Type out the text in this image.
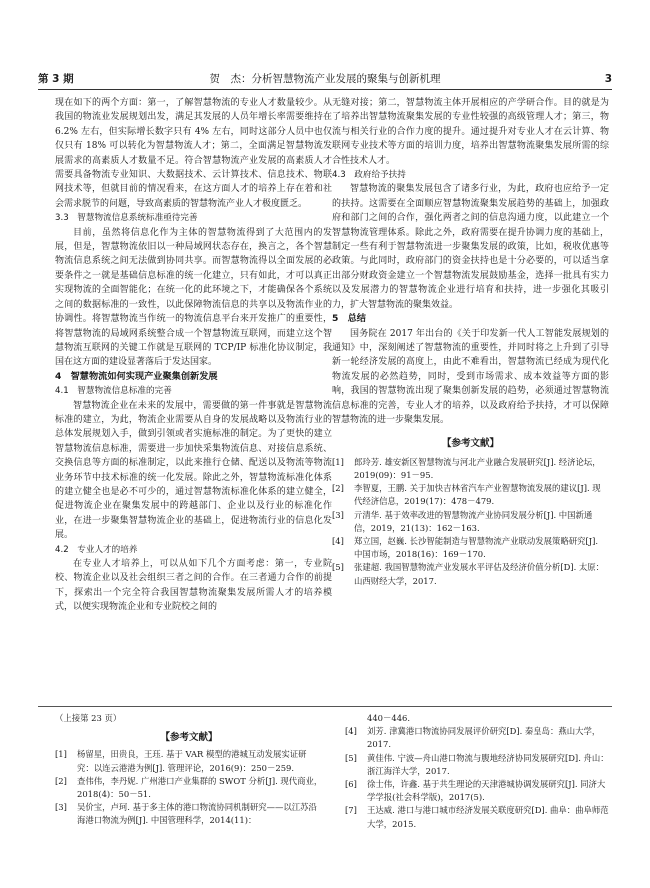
第 3 期	贺　杰：分析智慧物流产业发展的聚集与创新机理	3

现在如下的两个方面：第一，了解智慧物流的专业人才数量较少。从我国的物流业发展规划出发，满足其发展的人员年增长率需要维持在 6.2% 左右，但实际增长数字只有 4% 左右，同时这部分人员中也仅仅只有 18% 可以转化为智慧物流人才；第二，全面满足智慧物流发展需求的高素质人才数量不足。符合智慧物流产业发展的高素质人才需要具备物流专业知识、大数据技术、云计算技术、信息技术、物联网技术等，但就目前的情况看来，在这方面人才的培养上存在着和社会需求脱节的问题，导致高素质的智慧物流产业人才极度匮乏。

3.3　智慧物流信息系统标准亟待完善

目前，虽然将信息化作为主体的智慧物流得到了大范围内的发展，但是，智慧物流依旧以一种局域网状态存在，换言之，各个智慧物流信息系统之间无法做到协同共享。而智慧物流得以全面发展的必要条件之一就是基础信息标准的统一化建立，只有如此，才可以真正实现物流的全面智能化；在统一化的此环境之下，才能确保各个系统之间的数据标准的一致性，以此保障物流信息的共享以及物流作业的协调性。将智慧物流当作统一的物流信息平台来开发推广的重要性，将智慧物流的局域网系统整合成一个智慧物流互联网，而建立这个智慧物流互联网的关键工作就是互联网的 TCP/IP 标准化协议制定，我国在这方面的建设显著落后于发达国家。

4　智慧物流如何实现产业聚集创新发展
4.1　智慧物流信息标准的完善

智慧物流企业在未来的发展中，需要做的第一件事就是智慧物流标准的建立，为此，物流企业需要从自身的发展战略以及物流行业的总体发展规划入手，做到引领或者实施标准的制定。为了更快的建立智慧物流信息标准，需要进一步加快采集物流信息、对接信息系统、交换信息等方面的标准制定，以此来推行仓储、配送以及物流等物流业务环节中技术标准的统一化发展。除此之外，智慧物流标准化体系的建立健全也是必不可少的，通过智慧物流标准化体系的建立健全，促进物流企业在聚集发展中的跨越部门、企业以及行业的标准化作业，在进一步聚集智慧物流企业的基础上，促进物流行业的信息化发展。

4.2　专业人才的培养

在专业人才培养上，可以从如下几个方面考虑：第一，专业院校、物流企业以及社会组织三者之间的合作。在三者通力合作的前提下，探索出一个完全符合我国智慧物流聚集发展所需人才的培养模式，以便实现物流企业和专业院校之间的

无缝对接；第二，智慧物流主体开展相应的产学研合作。目的就是为了培养出智慧物流聚集发展的专业性较强的高级管理人才；第三，物流与相关行业的合作力度的提升。通过提升对专业人才在云计算、物联网专业技术等方面的培训力度，培养出智慧物流聚集发展所需的综合性技术人才。

4.3　政府给予扶持

智慧物流的聚集发展包含了诸多行业，为此，政府也应给予一定的扶持。这需要在全面顺应智慧物流聚集发展趋势的基础上，加强政府和部门之间的合作，强化两者之间的信息沟通力度，以此建立一个智慧物流管理体系。除此之外，政府需要在提升协调力度的基础上，制定一些有利于智慧物流进一步聚集发展的政策，比如，税收优惠等政策。与此同时，政府部门的资金扶持也是十分必要的，可以适当拿出部分财政资金建立一个智慧物流发展鼓励基金，选择一批具有实力以及发展潜力的智慧物流企业进行培育和扶持，进一步强化其吸引力，扩大智慧物流的聚集效益。

5　总结

国务院在 2017 年出台的《关于印发新一代人工智能发展规划的通知》中，深刻阐述了智慧物流的重要性，并同时将之上升到了引导新一轮经济发展的高度上，由此不难看出，智慧物流已经成为现代化物流发展的必然趋势，同时，受到市场需求、成本效益等方面的影响，我国的智慧物流出现了聚集创新发展的趋势，必须通过智慧物流信息标准的完善，专业人才的培养，以及政府给予扶持，才可以保障智慧物流的进一步聚集发展。

【参考文献】
[1] 郎玲芳. 雄安新区智慧物流与河北产业融合发展研究[J]. 经济论坛，2019(09)：91－95.
[2] 李智夏，王鹏. 关于加快吉林省汽车产业智慧物流发展的建议[J]. 现代经济信息，2019(17)：478－479.
[3] 亓清华. 基于效率改进的智慧物流产业协同发展分析[J]. 中国新通信，2019，21(13)：162－163.
[4] 郑立国，赵巍. 长沙智能制造与智慧物流产业联动发展策略研究[J]. 中国市场，2018(16)：169－170.
[5] 张建超. 我国智慧物流产业发展水平评估及经济价值分析[D]. 太原：山西财经大学，2017.
（上接第 23 页）
【参考文献】
[1] 杨留星，田贵良，王珏. 基于 VAR 模型的港城互动发展实证研究：以连云港港为例[J]. 管理评论，2016(9)：250－259.
[2] 查伟伟，李丹妮. 广州港口产业集群的 SWOT 分析[J]. 现代商业，2018(4)：50－51.
[3] 吴价宝，卢珂. 基于多主体的港口物流协同机制研究——以江苏沿海港口物流为例[J]. 中国管理科学，2014(11)：
440－446.
[4] 刘芳. 津冀港口物流协同发展评价研究[D]. 秦皇岛：燕山大学，2017.
[5] 黄佳伟. 宁波—舟山港口物流与腹地经济协同发展研究[D]. 舟山：浙江海洋大学，2017.
[6] 徐士伟，许鑫. 基于共生理论的天津港城协调发展研究[J]. 同济大学学报(社会科学版)，2017(5).
[7] 王达威. 港口与港口城市经济发展关联度研究[D]. 曲阜：曲阜师范大学，2015.
